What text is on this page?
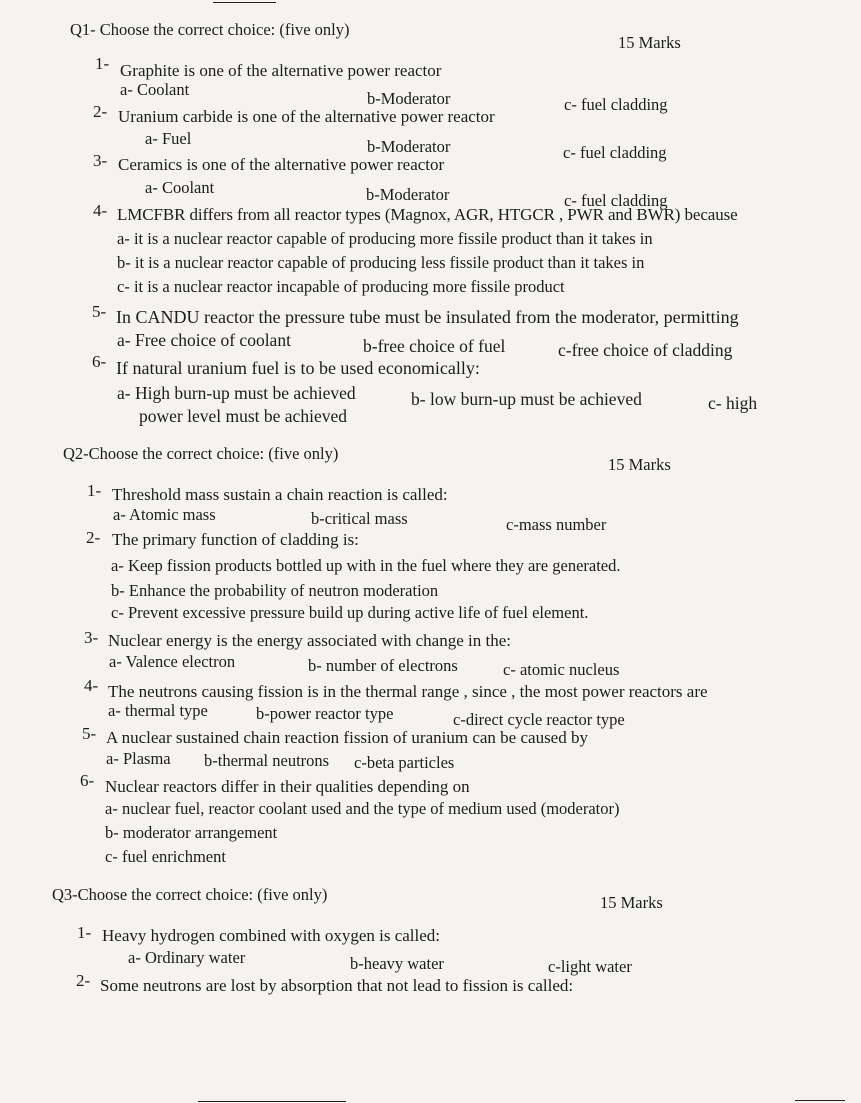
Q1- Choose the correct choice: (five only)
15 Marks
1- Graphite is one of the alternative power reactor
a- Coolant	b-Moderator	c- fuel cladding
2- Uranium carbide is one of the alternative power reactor
a- Fuel	b-Moderator	c- fuel cladding
3- Ceramics is one of the alternative power reactor
a- Coolant	b-Moderator	c- fuel cladding
4- LMCFBR differs from all reactor types (Magnox, AGR, HTGCR , PWR and BWR) because
a- it is a nuclear reactor capable of producing more fissile product than it takes in
b- it is a nuclear reactor capable of producing less fissile product than it takes in
c- it is a nuclear reactor incapable of producing more fissile product
5- In CANDU reactor the pressure tube must be insulated from the moderator, permitting
a- Free choice of coolant	b-free choice of fuel	c-free choice of cladding
6- If natural uranium fuel is to be used economically:
a- High burn-up must be achieved	b- low burn-up must be achieved	c- high
power level must be achieved
Q2-Choose the correct choice: (five only)
15 Marks
1- Threshold mass sustain a chain reaction is called:
a- Atomic mass	b-critical mass	c-mass number
2- The primary function of cladding is:
a- Keep fission products bottled up with in the fuel where they are generated.
b- Enhance the probability of neutron moderation
c- Prevent excessive pressure build up during active life of fuel element.
3- Nuclear energy is the energy associated with change in the:
a- Valence electron	b- number of electrons	c- atomic nucleus
4- The neutrons causing fission is in the thermal range , since , the most power reactors are
a- thermal type	b-power reactor type	c-direct cycle reactor type
5- A nuclear sustained chain reaction fission of uranium can be caused by
a- Plasma b-thermal neutrons c-beta particles
6- Nuclear reactors differ in their qualities depending on
a- nuclear fuel, reactor coolant used and the type of medium used (moderator)
b- moderator arrangement
c- fuel enrichment
Q3-Choose the correct choice: (five only)	15 Marks
1- Heavy hydrogen combined with oxygen is called:
a- Ordinary water	b-heavy water	c-light water
2- Some neutrons are lost by absorption that not lead to fission is called:
